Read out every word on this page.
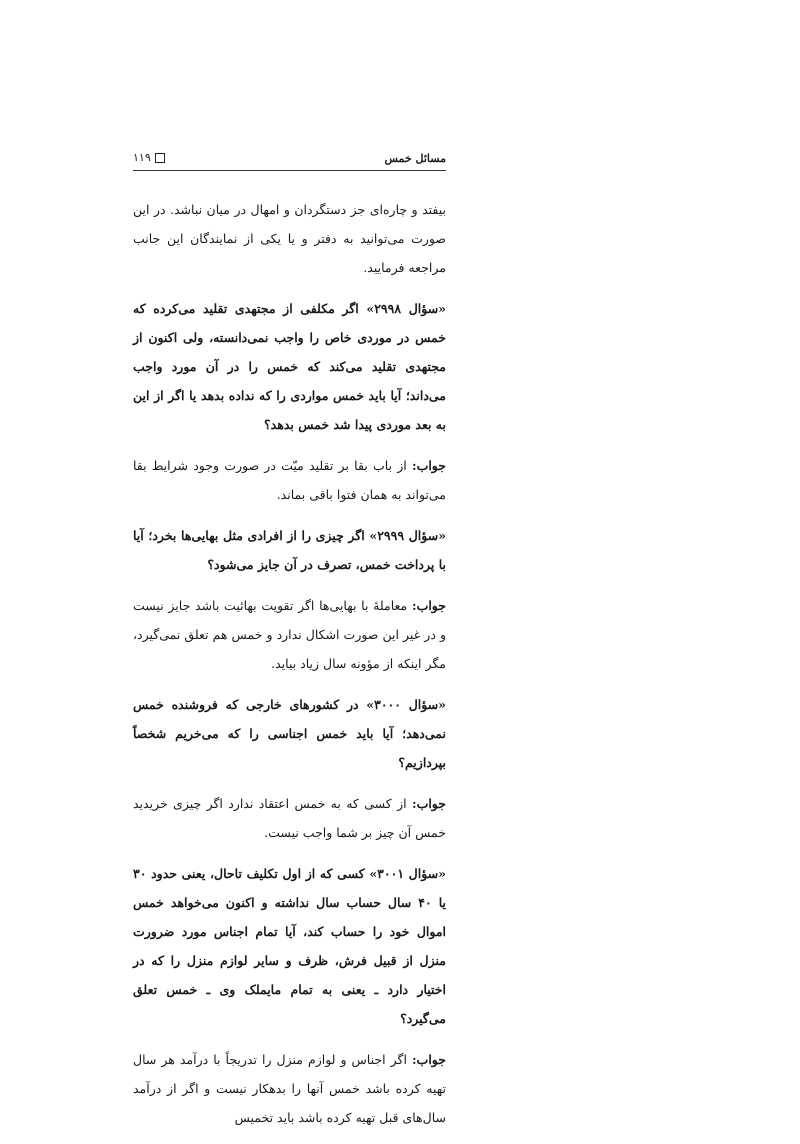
مسائل خمس
۱۱۹

بیفتد و چاره‌ای جز دستگردان و امهال در میان نباشد. در این صورت می‌توانید به دفتر و یا یکی از نمایندگان این جانب مراجعه فرمایید.

«سؤال ۲۹۹۸» اگر مکلفی از مجتهدی تقلید می‌کرده که خمس در موردی خاص را واجب نمی‌دانسته، ولی اکنون از مجتهدی تقلید می‌کند که خمس را در آن مورد واجب می‌داند؛ آیا باید خمس مواردی را که نداده بدهد یا اگر از این به بعد موردی پیدا شد خمس بدهد؟

جواب: از باب بقا بر تقلید میّت در صورت وجود شرایط بقا می‌تواند به همان فتوا باقی بماند.

«سؤال ۲۹۹۹» اگر چیزی را از افرادی مثل بهایی‌ها بخرد؛ آیا با پرداخت خمس، تصرف در آن جایز می‌شود؟

جواب: معاملهٔ با بهایی‌ها اگر تقویت بهائیت باشد جایز نیست و در غیر این صورت اشکال ندارد و خمس هم تعلق نمی‌گیرد، مگر اینکه از مؤونه سال زیاد بیاید.

«سؤال ۳۰۰۰» در کشورهای خارجی که فروشنده خمس نمی‌دهد؛ آیا باید خمس اجناسی را که می‌خریم شخصاً بپردازیم؟

جواب: از کسی که به خمس اعتقاد ندارد اگر چیزی خریدید خمس آن چیز بر شما واجب نیست.

«سؤال ۳۰۰۱» کسی که از اول تکلیف تاحال، یعنی حدود ۳۰ یا ۴۰ سال حساب سال نداشته و اکنون می‌خواهد خمس اموال خود را حساب کند، آیا تمام اجناس مورد ضرورت منزل از قبیل فرش، ظرف و سایر لوازم منزل را که در اختیار دارد ـ یعنی به تمام مایملک وی ـ خمس تعلق می‌گیرد؟

جواب: اگر اجناس و لوازم منزل را تدریجاً با درآمد هر سال تهیه کرده باشد خمس آنها را بدهکار نیست و اگر از درآمد سال‌های قبل تهیه کرده باشد باید تخمیس
